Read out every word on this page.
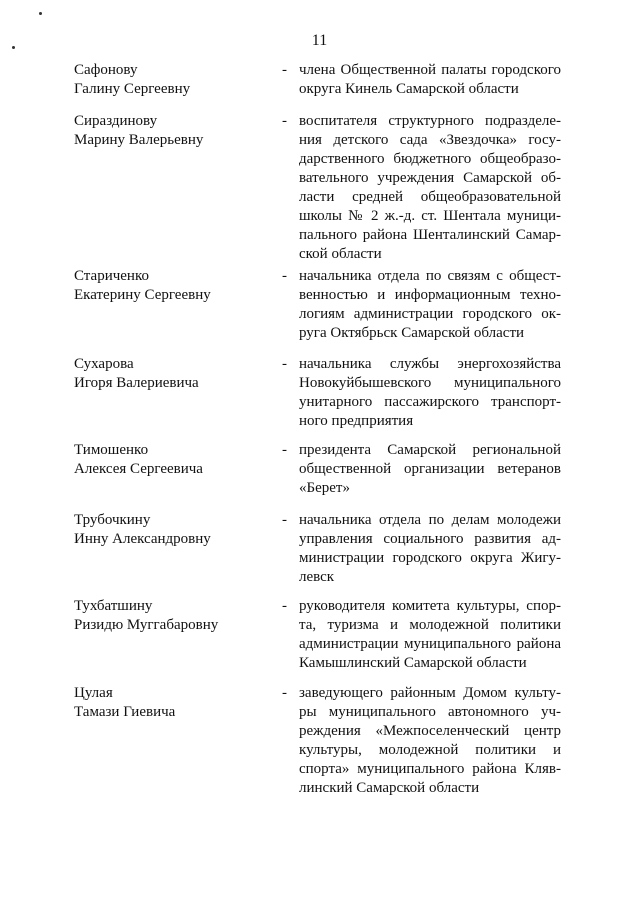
11
Сафонову
Галину Сергеевну
- члена Общественной палаты городского
округа Кинель Самарской области
Сираздинову
Марину Валерьевну
- воспитателя структурного подразделе-
ния детского сада «Звездочка» госу-
дарственного бюджетного общеобразо-
вательного учреждения Самарской об-
ласти средней общеобразовательной
школы № 2 ж.-д. ст. Шентала муници-
пального района Шенталинский Самар-
ской области
Стариченко
Екатерину Сергеевну
- начальника отдела по связям с общест-
венностью и информационным техно-
логиям администрации городского ок-
руга Октябрьск Самарской области
Сухарова
Игоря Валериевича
- начальника службы энергохозяйства
Новокуйбышевского муниципального
унитарного пассажирского транспорт-
ного предприятия
Тимошенко
Алексея Сергеевича
- президента Самарской региональной
общественной организации ветеранов
«Берет»
Трубочкину
Инну Александровну
- начальника отдела по делам молодежи
управления социального развития ад-
министрации городского округа Жигу-
левск
Тухбатшину
Ризидю Муггабаровну
- руководителя комитета культуры, спор-
та, туризма и молодежной политики
администрации муниципального района
Камышлинский Самарской области
Цулая
Тамази Гиевича
- заведующего районным Домом культу-
ры муниципального автономного уч-
реждения «Межпоселенческий центр
культуры, молодежной политики и
спорта» муниципального района Кляв-
линский Самарской области
